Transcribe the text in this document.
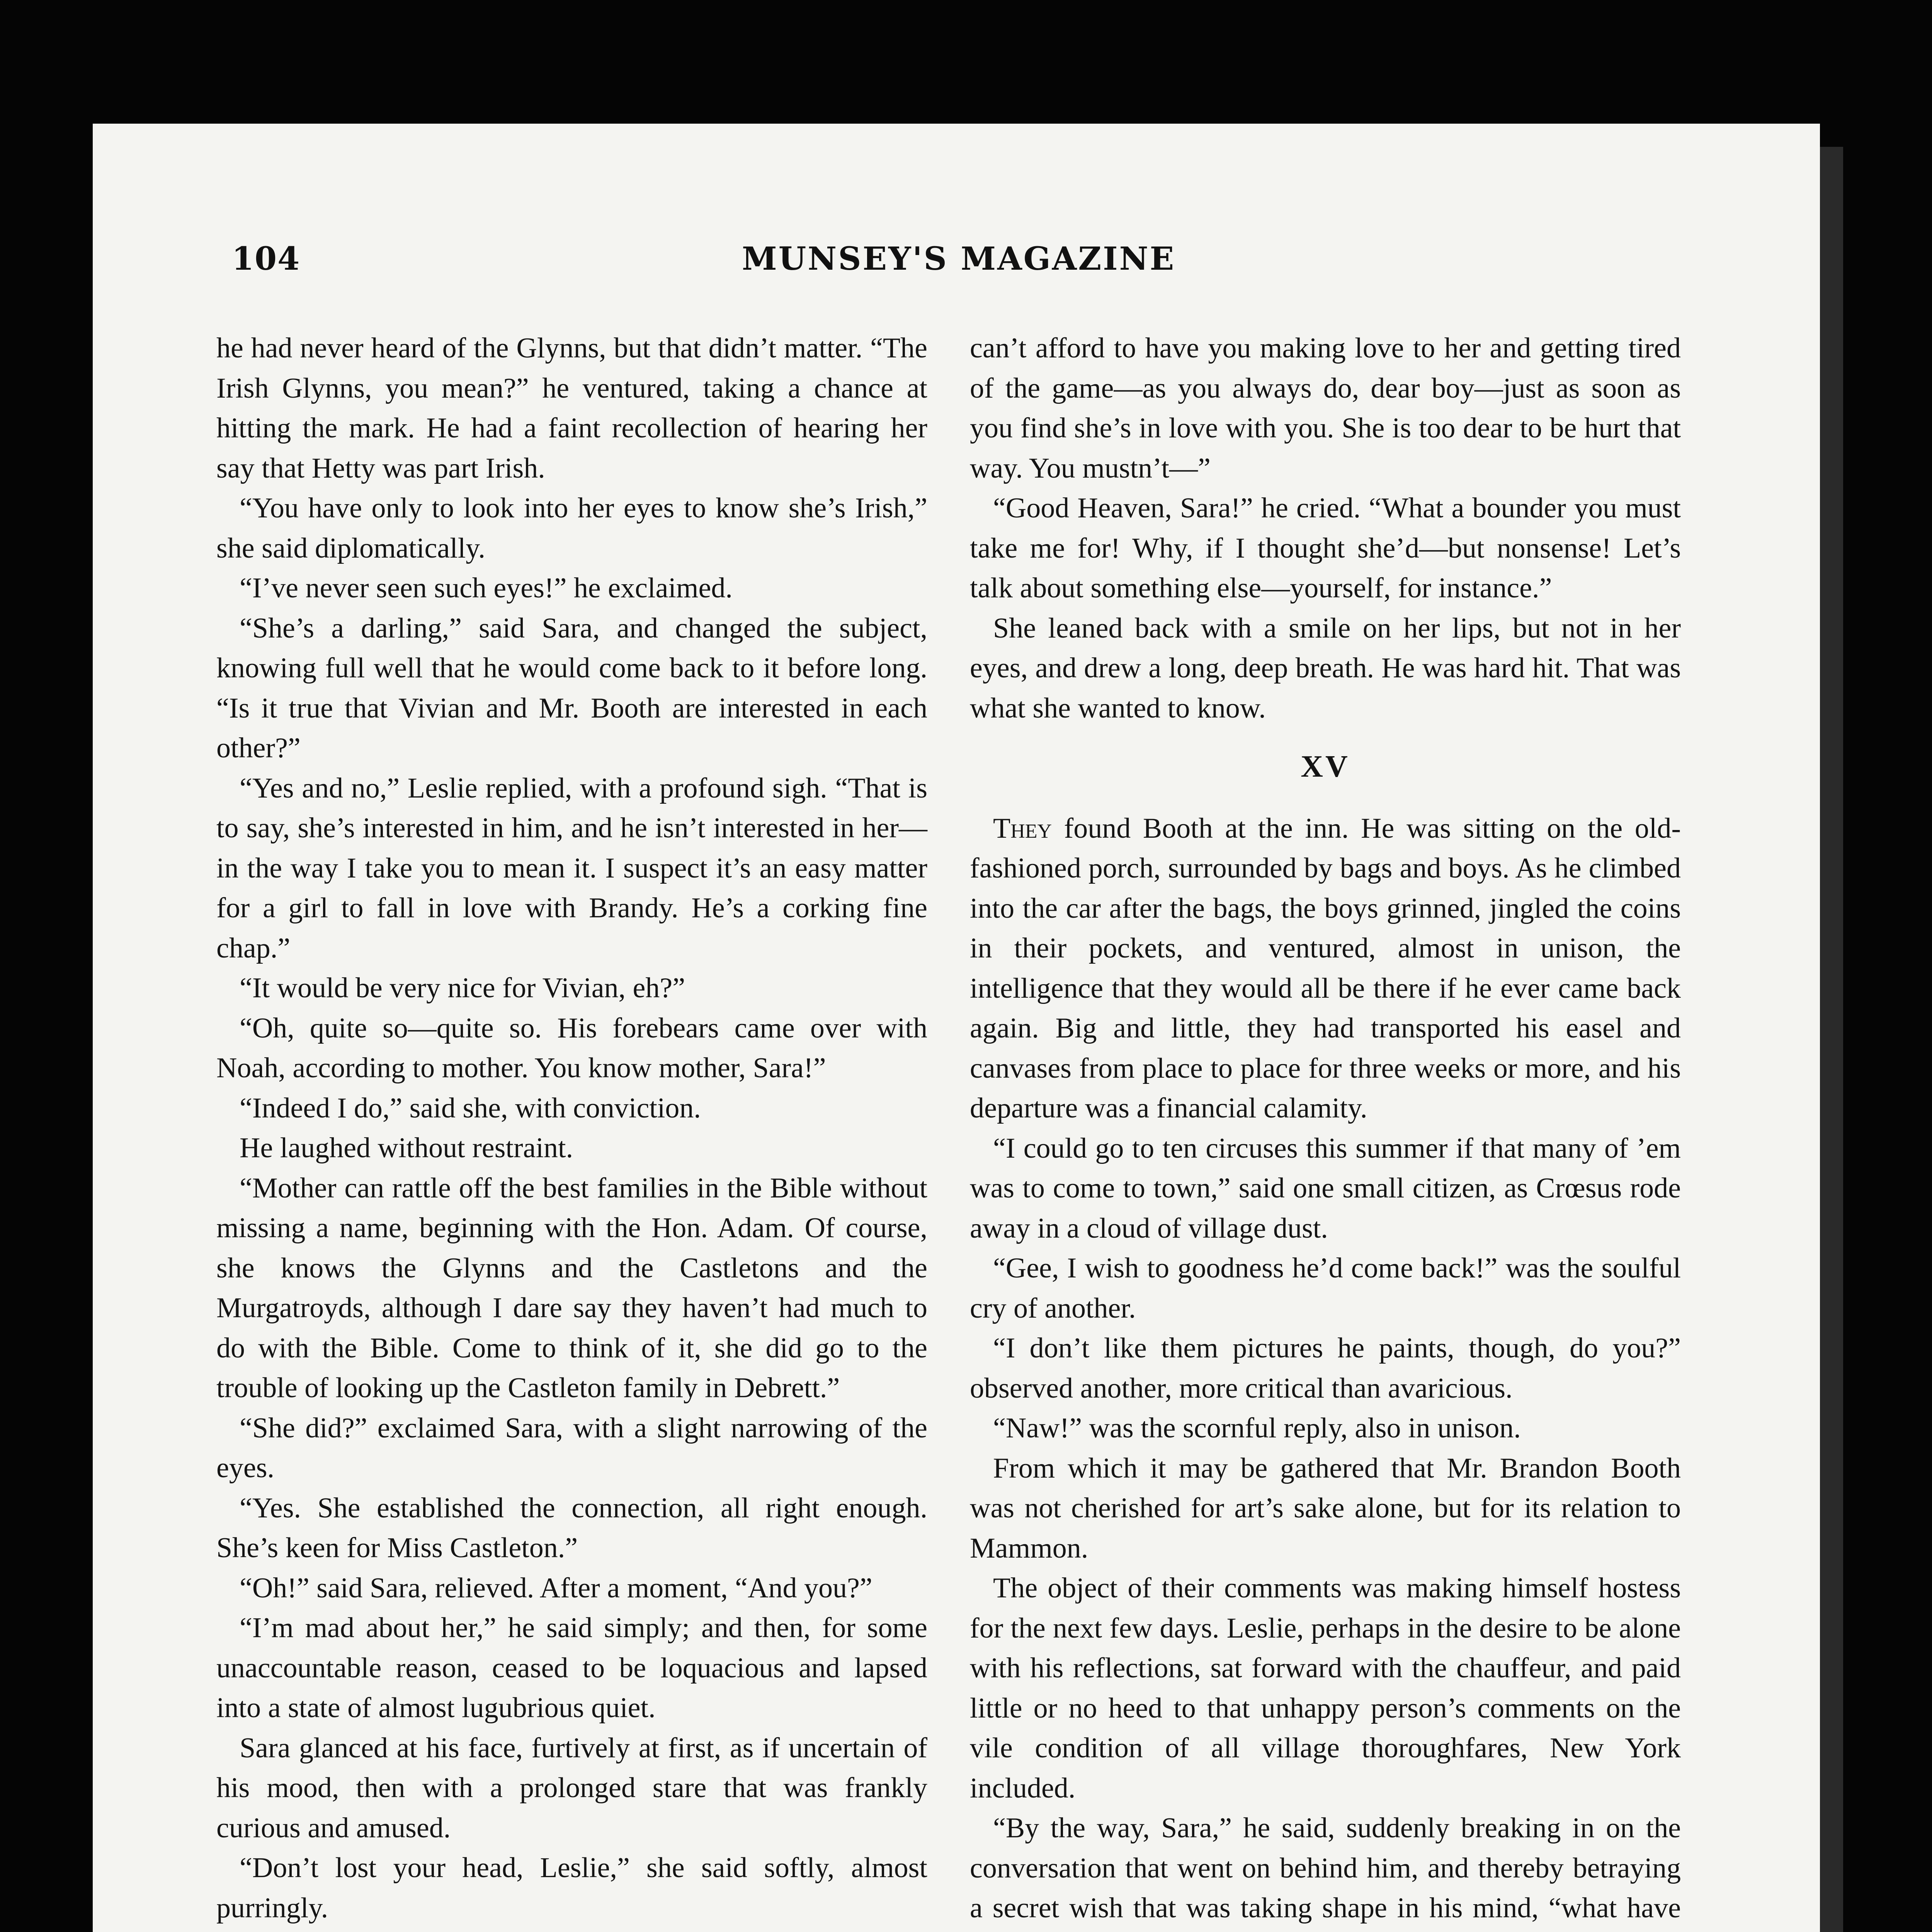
104	MUNSEY'S MAGAZINE

he had never heard of the Glynns, but that didn’t matter. “The Irish Glynns, you mean?” he ventured, taking a chance at hitting the mark. He had a faint recollection of hearing her say that Hetty was part Irish.

“You have only to look into her eyes to know she’s Irish,” she said diplomatically.

“I’ve never seen such eyes!” he exclaimed.

“She’s a darling,” said Sara, and changed the subject, knowing full well that he would come back to it before long. “Is it true that Vivian and Mr. Booth are interested in each other?”

“Yes and no,” Leslie replied, with a profound sigh. “That is to say, she’s interested in him, and he isn’t interested in her—in the way I take you to mean it. I suspect it’s an easy matter for a girl to fall in love with Brandy. He’s a corking fine chap.”

“It would be very nice for Vivian, eh?”

“Oh, quite so—quite so. His forebears came over with Noah, according to mother. You know mother, Sara!”

“Indeed I do,” said she, with conviction.

He laughed without restraint.

“Mother can rattle off the best families in the Bible without missing a name, beginning with the Hon. Adam. Of course, she knows the Glynns and the Castletons and the Murgatroyds, although I dare say they haven’t had much to do with the Bible. Come to think of it, she did go to the trouble of looking up the Castleton family in Debrett.”

“She did?” exclaimed Sara, with a slight narrowing of the eyes.

“Yes. She established the connection, all right enough. She’s keen for Miss Castleton.”

“Oh!” said Sara, relieved. After a moment, “And you?”

“I’m mad about her,” he said simply; and then, for some unaccountable reason, ceased to be loquacious and lapsed into a state of almost lugubrious quiet.

Sara glanced at his face, furtively at first, as if uncertain of his mood, then with a prolonged stare that was frankly curious and amused.

“Don’t lost your head, Leslie,” she said softly, almost purringly.

can’t afford to have you making love to her and getting tired of the game—as you always do, dear boy—just as soon as you find she’s in love with you. She is too dear to be hurt that way. You mustn’t—”

“Good Heaven, Sara!” he cried. “What a bounder you must take me for! Why, if I thought she’d—but nonsense! Let’s talk about something else—yourself, for instance.”

She leaned back with a smile on her lips, but not in her eyes, and drew a long, deep breath. He was hard hit. That was what she wanted to know.

XV

They found Booth at the inn. He was sitting on the old-fashioned porch, surrounded by bags and boys. As he climbed into the car after the bags, the boys grinned, jingled the coins in their pockets, and ventured, almost in unison, the intelligence that they would all be there if he ever came back again. Big and little, they had transported his easel and canvases from place to place for three weeks or more, and his departure was a financial calamity.

“I could go to ten circuses this summer if that many of ’em was to come to town,” said one small citizen, as Crœsus rode away in a cloud of village dust.

“Gee, I wish to goodness he’d come back!” was the soulful cry of another.

“I don’t like them pictures he paints, though, do you?” observed another, more critical than avaricious.

“Naw!” was the scornful reply, also in unison.

From which it may be gathered that Mr. Brandon Booth was not cherished for art’s sake alone, but for its relation to Mammon.

The object of their comments was making himself hostess for the next few days. Leslie, perhaps in the desire to be alone with his reflections, sat forward with the chauffeur, and paid little or no heed to that unhappy person’s comments on the vile condition of all village thoroughfares, New York included.

“By the way, Sara,” he said, suddenly breaking in on the conversation that went on behind him, and thereby betraying a secret wish that was taking shape in his mind, “what have
